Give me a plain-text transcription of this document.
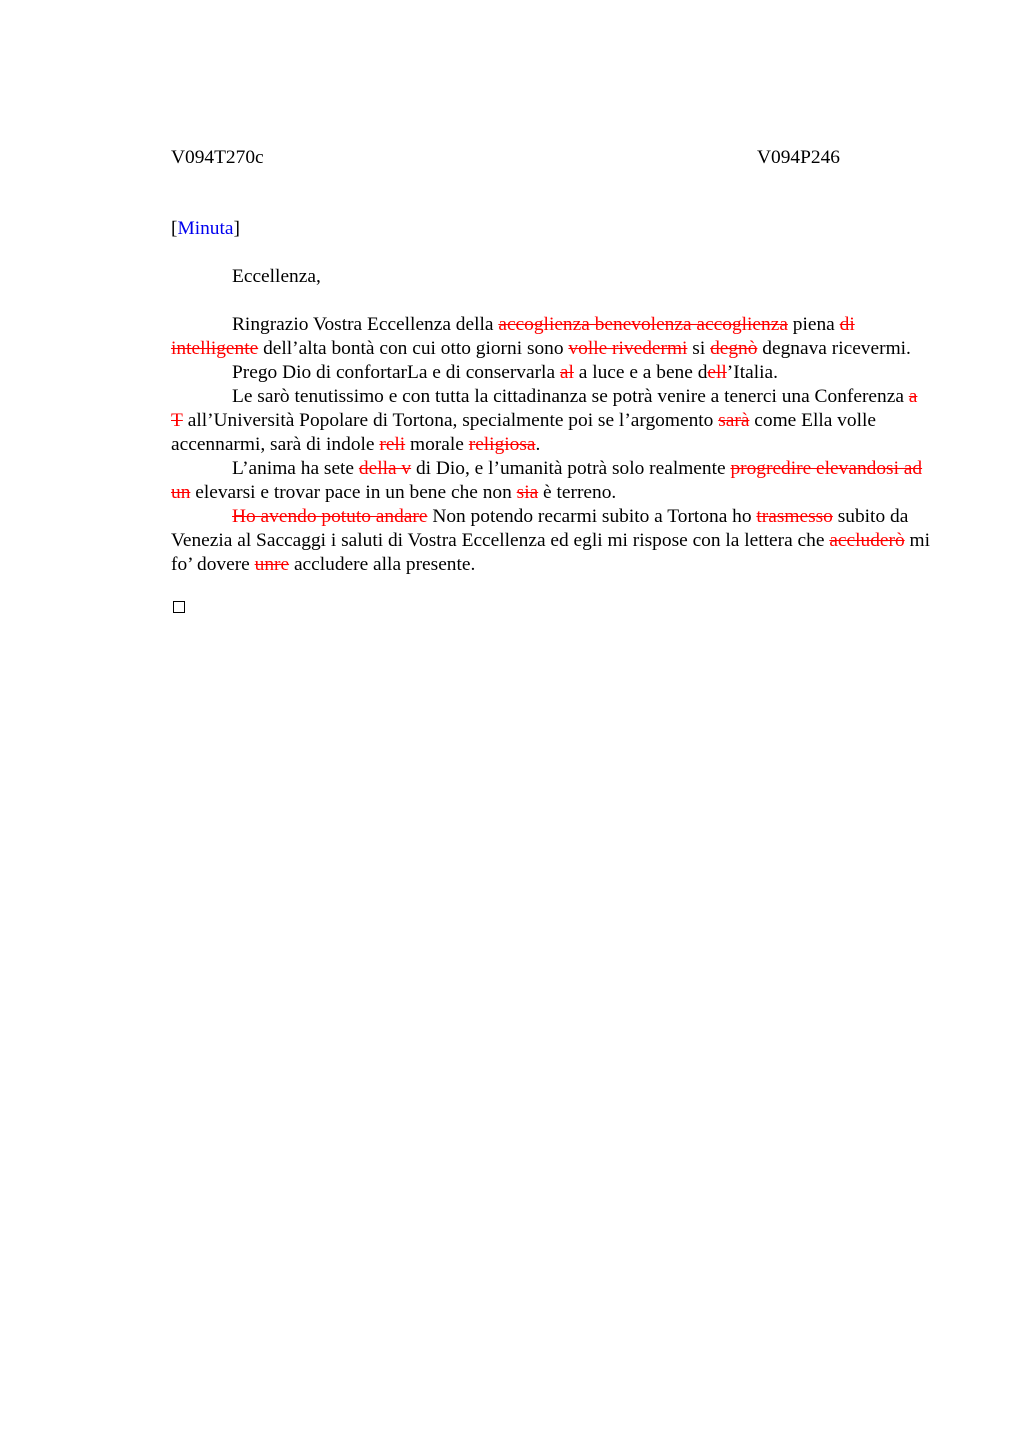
V094T270c	V094P246
[Minuta]
Eccellenza,

Ringrazio Vostra Eccellenza della accoglienza benevolenza accoglienza piena di intelligente dell’alta bontà con cui otto giorni sono volle rivedermi si degnò degnava ricevermi.

Prego Dio di confortarLa e di conservarla al a luce e a bene dell’Italia.

Le sarò tenutissimo e con tutta la cittadinanza se potrà venire a tenerci una Conferenza a T all’Università Popolare di Tortona, specialmente poi se l’argomento sarà come Ella volle accennarmi, sarà di indole reli morale religiosa.

L’anima ha sete della v di Dio, e l’umanità potrà solo realmente progredire elevandosi ad un elevarsi e trovar pace in un bene che non sia è terreno.

Ho avendo potuto andare Non potendo recarmi subito a Tortona ho trasmesso subito da Venezia al Saccaggi i saluti di Vostra Eccellenza ed egli mi rispose con la lettera che accluderò mi fo’ dovere unre accludere alla presente.
